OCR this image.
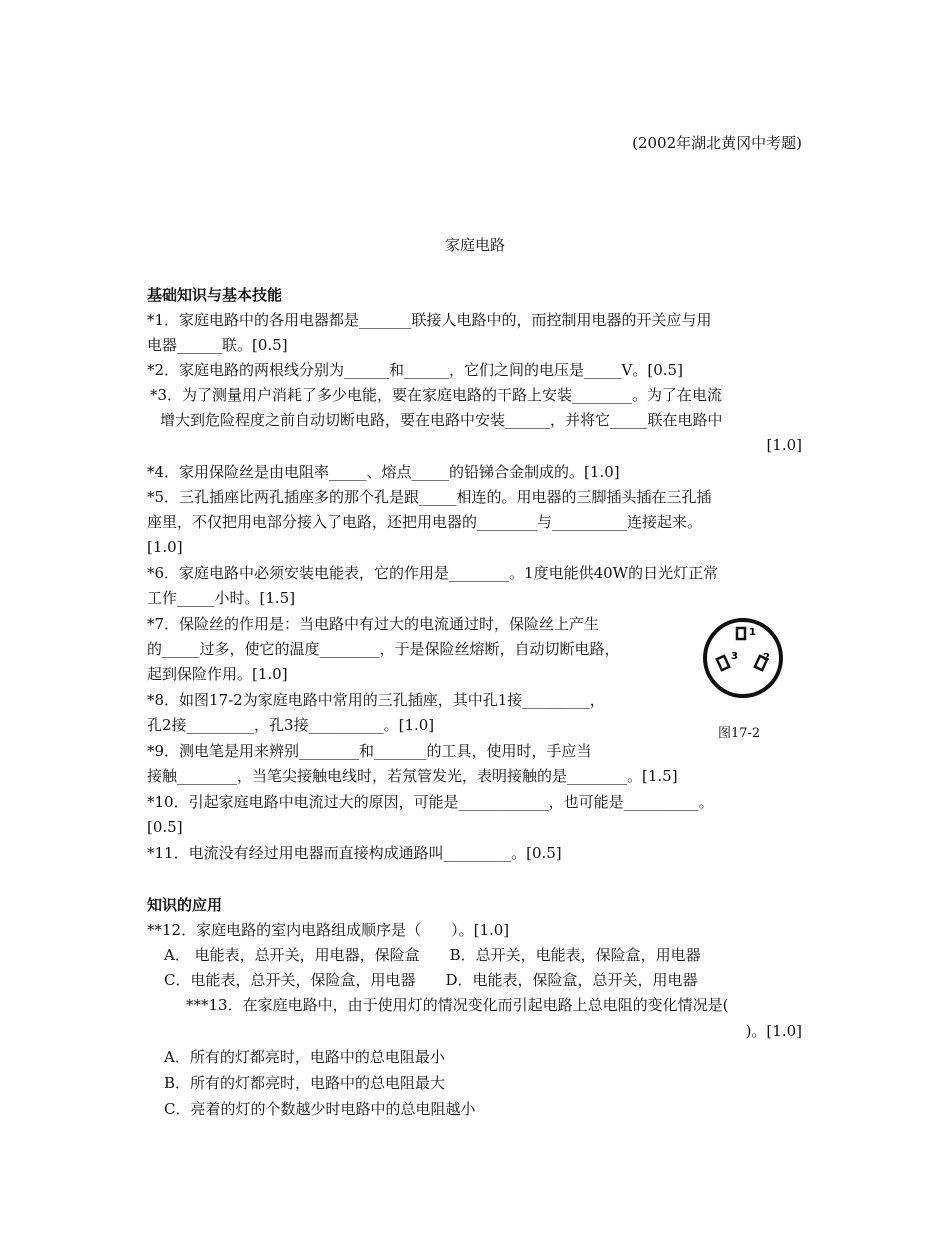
(2002年湖北黄冈中考题)
家庭电路
基础知识与基本技能
*1．家庭电路中的各用电器都是_______联接人电路中的，而控制用电器的开关应与用
电器______联。[0.5]
*2．家庭电路的两根线分别为______和______，它们之间的电压是_____V。[0.5]
*3．为了测量用户消耗了多少电能，要在家庭电路的干路上安装________。为了在电流
增大到危险程度之前自动切断电路，要在电路中安装______，并将它_____联在电路中
[1.0]
*4．家用保险丝是由电阻率_____、熔点_____的铅锑合金制成的。[1.0]
*5．三孔插座比两孔插座多的那个孔是跟_____相连的。用电器的三脚插头插在三孔插
座里，不仅把用电部分接入了电路，还把用电器的________与__________连接起来。
[1.0]
*6．家庭电路中必须安装电能表，它的作用是________。1度电能供40W的日光灯正常
工作_____小时。[1.5]
*7．保险丝的作用是：当电路中有过大的电流通过时，保险丝上产生
的_____过多，使它的温度________，于是保险丝熔断，自动切断电路，
起到保险作用。[1.0]
*8．如图17-2为家庭电路中常用的三孔插座，其中孔1接_________，
孔2接_________，孔3接__________。[1.0]
*9．测电笔是用来辨别________和_______的工具，使用时，手应当
接触________，当笔尖接触电线时，若氖管发光，表明接触的是________。[1.5]
*10．引起家庭电路中电流过大的原因，可能是____________，也可能是__________。
[0.5]
*11．电流没有经过用电器而直接构成通路叫_________。[0.5]
知识的应用
**12．家庭电路的室内电路组成顺序是（　　）。[1.0]
A． 电能表，总开关，用电器，保险盒　　B．总开关，电能表，保险盒，用电器
C．电能表，总开关，保险盒，用电器　　D．电能表，保险盒，总开关，用电器
***13．在家庭电路中，由于使用灯的情况变化而引起电路上总电阻的变化情况是(
)。[1.0]
A．所有的灯都亮时，电路中的总电阻最小
B．所有的灯都亮时，电路中的总电阻最大
C．亮着的灯的个数越少时电路中的总电阻越小
1
2
3
图17-2
